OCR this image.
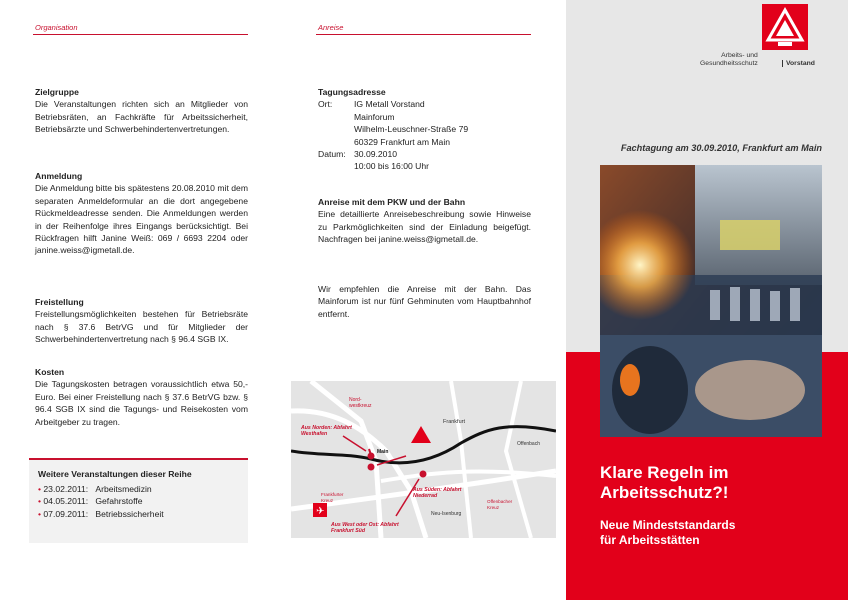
Organisation
Zielgruppe

Die Veranstaltungen richten sich an Mitglieder von Betriebsräten, an Fachkräfte für Arbeitssicherheit, Betriebsärzte und Schwerbehindertenvertretungen.

Anmeldung

Die Anmeldung bitte bis spätestens 20.08.2010 mit dem separaten Anmeldeformular an die dort angegebene Rückmeldeadresse senden. Die Anmeldungen werden in der Reihenfolge ihres Eingangs berücksichtigt. Bei Rückfragen hilft Janine Weiß: 069 / 6693 2204 oder janine.weiss@igmetall.de.

Freistellung

Freistellungsmöglichkeiten bestehen für Betriebsräte nach § 37.6 BetrVG und für Mitglieder der Schwerbehindertenvertretung nach § 96.4 SGB IX.

Kosten

Die Tagungskosten betragen voraussichtlich etwa 50,- Euro. Bei einer Freistellung nach § 37.6 BetrVG bzw. § 96.4 SGB IX sind die Tagungs- und Reisekosten vom Arbeitgeber zu tragen.

Weitere Veranstaltungen dieser Reihe
• 23.02.2011: Arbeitsmedizin
• 04.05.2011: Gefahrstoffe
• 07.09.2011: Betriebssicherheit
Anreise
Tagungsadresse
Ort:	IG Metall Vorstand
Mainforum
Wilhelm-Leuschner-Straße 79
60329 Frankfurt am Main
Datum: 30.09.2010
10:00 bis 16:00 Uhr
Anreise mit dem PKW und der Bahn

Eine detaillierte Anreisebeschreibung sowie Hinweise zu Parkmöglichkeiten sind der Einladung beigefügt. Nachfragen bei janine.weiss@igmetall.de.

Wir empfehlen die Anreise mit der Bahn. Das Mainforum ist nur fünf Gehminuten vom Hauptbahnhof entfernt.

✈
Nord-westkreuz
Frankfurt
Offenbach
Main
Aus Norden: Abfahrt Westhafen
Aus Süden: Abfahrt Niederrad
Aus West oder Ost: Abfahrt Frankfurt Süd
Frankfurter Kreuz	Offenbacher Kreuz
Neu-Isenburg
Arbeits- und
Gesundheitsschutz	Vorstand
Fachtagung am 30.09.2010, Frankfurt am Main
Klare Regeln im
Arbeitsschutz?!
Neue Mindeststandards
für Arbeitsstätten
